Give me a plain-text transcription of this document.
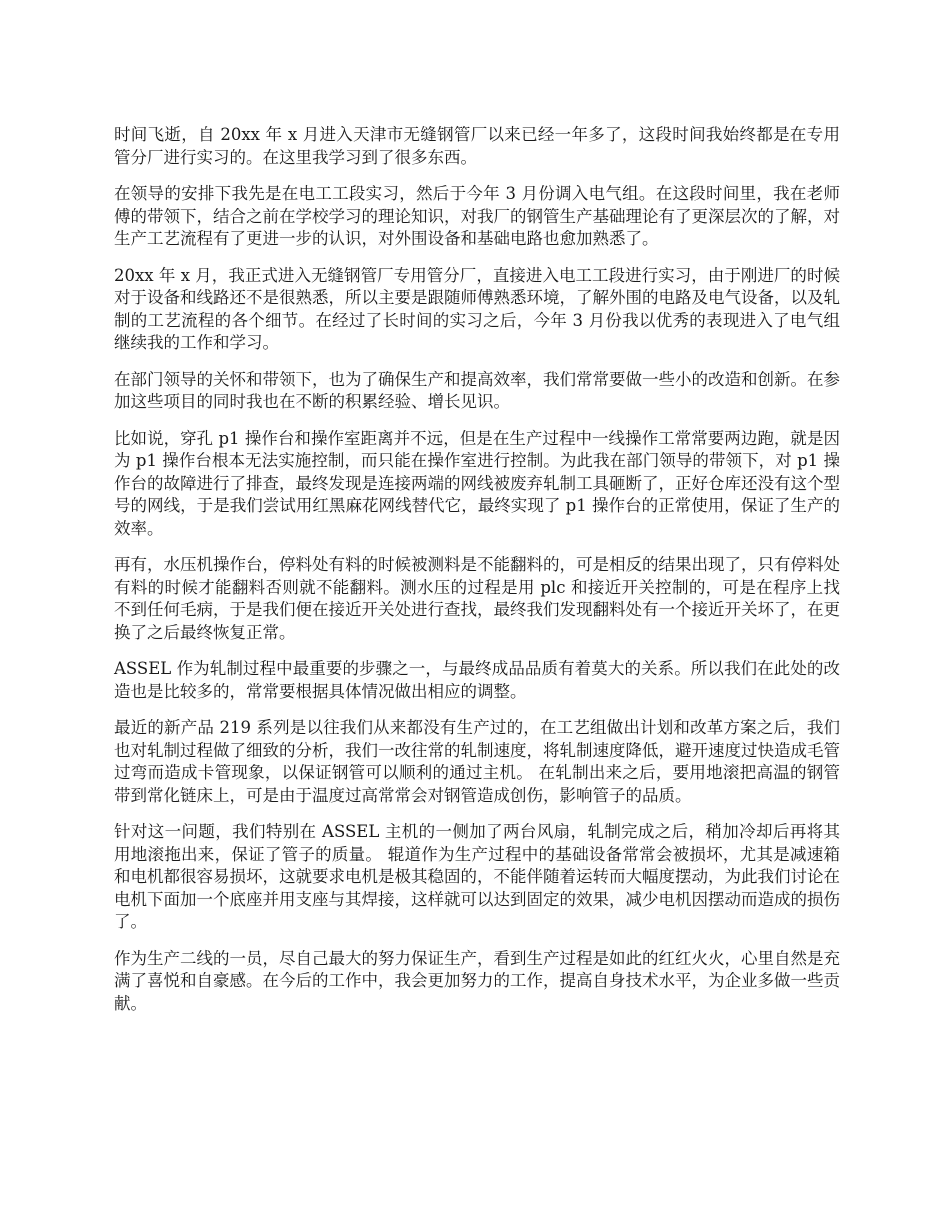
时间飞逝，自 20xx 年 x 月进入天津市无缝钢管厂以来已经一年多了，这段时间我始终都是在专用管分厂进行实习的。在这里我学习到了很多东西。

在领导的安排下我先是在电工工段实习，然后于今年 3 月份调入电气组。在这段时间里，我在老师傅的带领下，结合之前在学校学习的理论知识，对我厂的钢管生产基础理论有了更深层次的了解，对生产工艺流程有了更进一步的认识，对外围设备和基础电路也愈加熟悉了。

20xx 年 x 月，我正式进入无缝钢管厂专用管分厂，直接进入电工工段进行实习，由于刚进厂的时候对于设备和线路还不是很熟悉，所以主要是跟随师傅熟悉环境，了解外围的电路及电气设备，以及轧制的工艺流程的各个细节。在经过了长时间的实习之后，今年 3 月份我以优秀的表现进入了电气组继续我的工作和学习。

在部门领导的关怀和带领下，也为了确保生产和提高效率，我们常常要做一些小的改造和创新。在参加这些项目的同时我也在不断的积累经验、增长见识。

比如说，穿孔 p1 操作台和操作室距离并不远，但是在生产过程中一线操作工常常要两边跑，就是因为 p1 操作台根本无法实施控制，而只能在操作室进行控制。为此我在部门领导的带领下，对 p1 操作台的故障进行了排查，最终发现是连接两端的网线被废弃轧制工具砸断了，正好仓库还没有这个型号的网线，于是我们尝试用红黑麻花网线替代它，最终实现了 p1 操作台的正常使用，保证了生产的效率。

再有，水压机操作台，停料处有料的时候被测料是不能翻料的，可是相反的结果出现了，只有停料处有料的时候才能翻料否则就不能翻料。测水压的过程是用 plc 和接近开关控制的，可是在程序上找不到任何毛病，于是我们便在接近开关处进行查找，最终我们发现翻料处有一个接近开关坏了，在更换了之后最终恢复正常。

ASSEL 作为轧制过程中最重要的步骤之一，与最终成品品质有着莫大的关系。所以我们在此处的改造也是比较多的，常常要根据具体情况做出相应的调整。

最近的新产品 219 系列是以往我们从来都没有生产过的，在工艺组做出计划和改革方案之后，我们也对轧制过程做了细致的分析，我们一改往常的轧制速度，将轧制速度降低，避开速度过快造成毛管过弯而造成卡管现象，以保证钢管可以顺利的通过主机。 在轧制出来之后，要用地滚把高温的钢管带到常化链床上，可是由于温度过高常常会对钢管造成创伤，影响管子的品质。

针对这一问题，我们特别在 ASSEL 主机的一侧加了两台风扇，轧制完成之后，稍加冷却后再将其用地滚拖出来，保证了管子的质量。 辊道作为生产过程中的基础设备常常会被损坏，尤其是减速箱和电机都很容易损坏，这就要求电机是极其稳固的，不能伴随着运转而大幅度摆动，为此我们讨论在电机下面加一个底座并用支座与其焊接，这样就可以达到固定的效果，减少电机因摆动而造成的损伤了。

作为生产二线的一员，尽自己最大的努力保证生产，看到生产过程是如此的红红火火，心里自然是充满了喜悦和自豪感。在今后的工作中，我会更加努力的工作，提高自身技术水平，为企业多做一些贡献。
